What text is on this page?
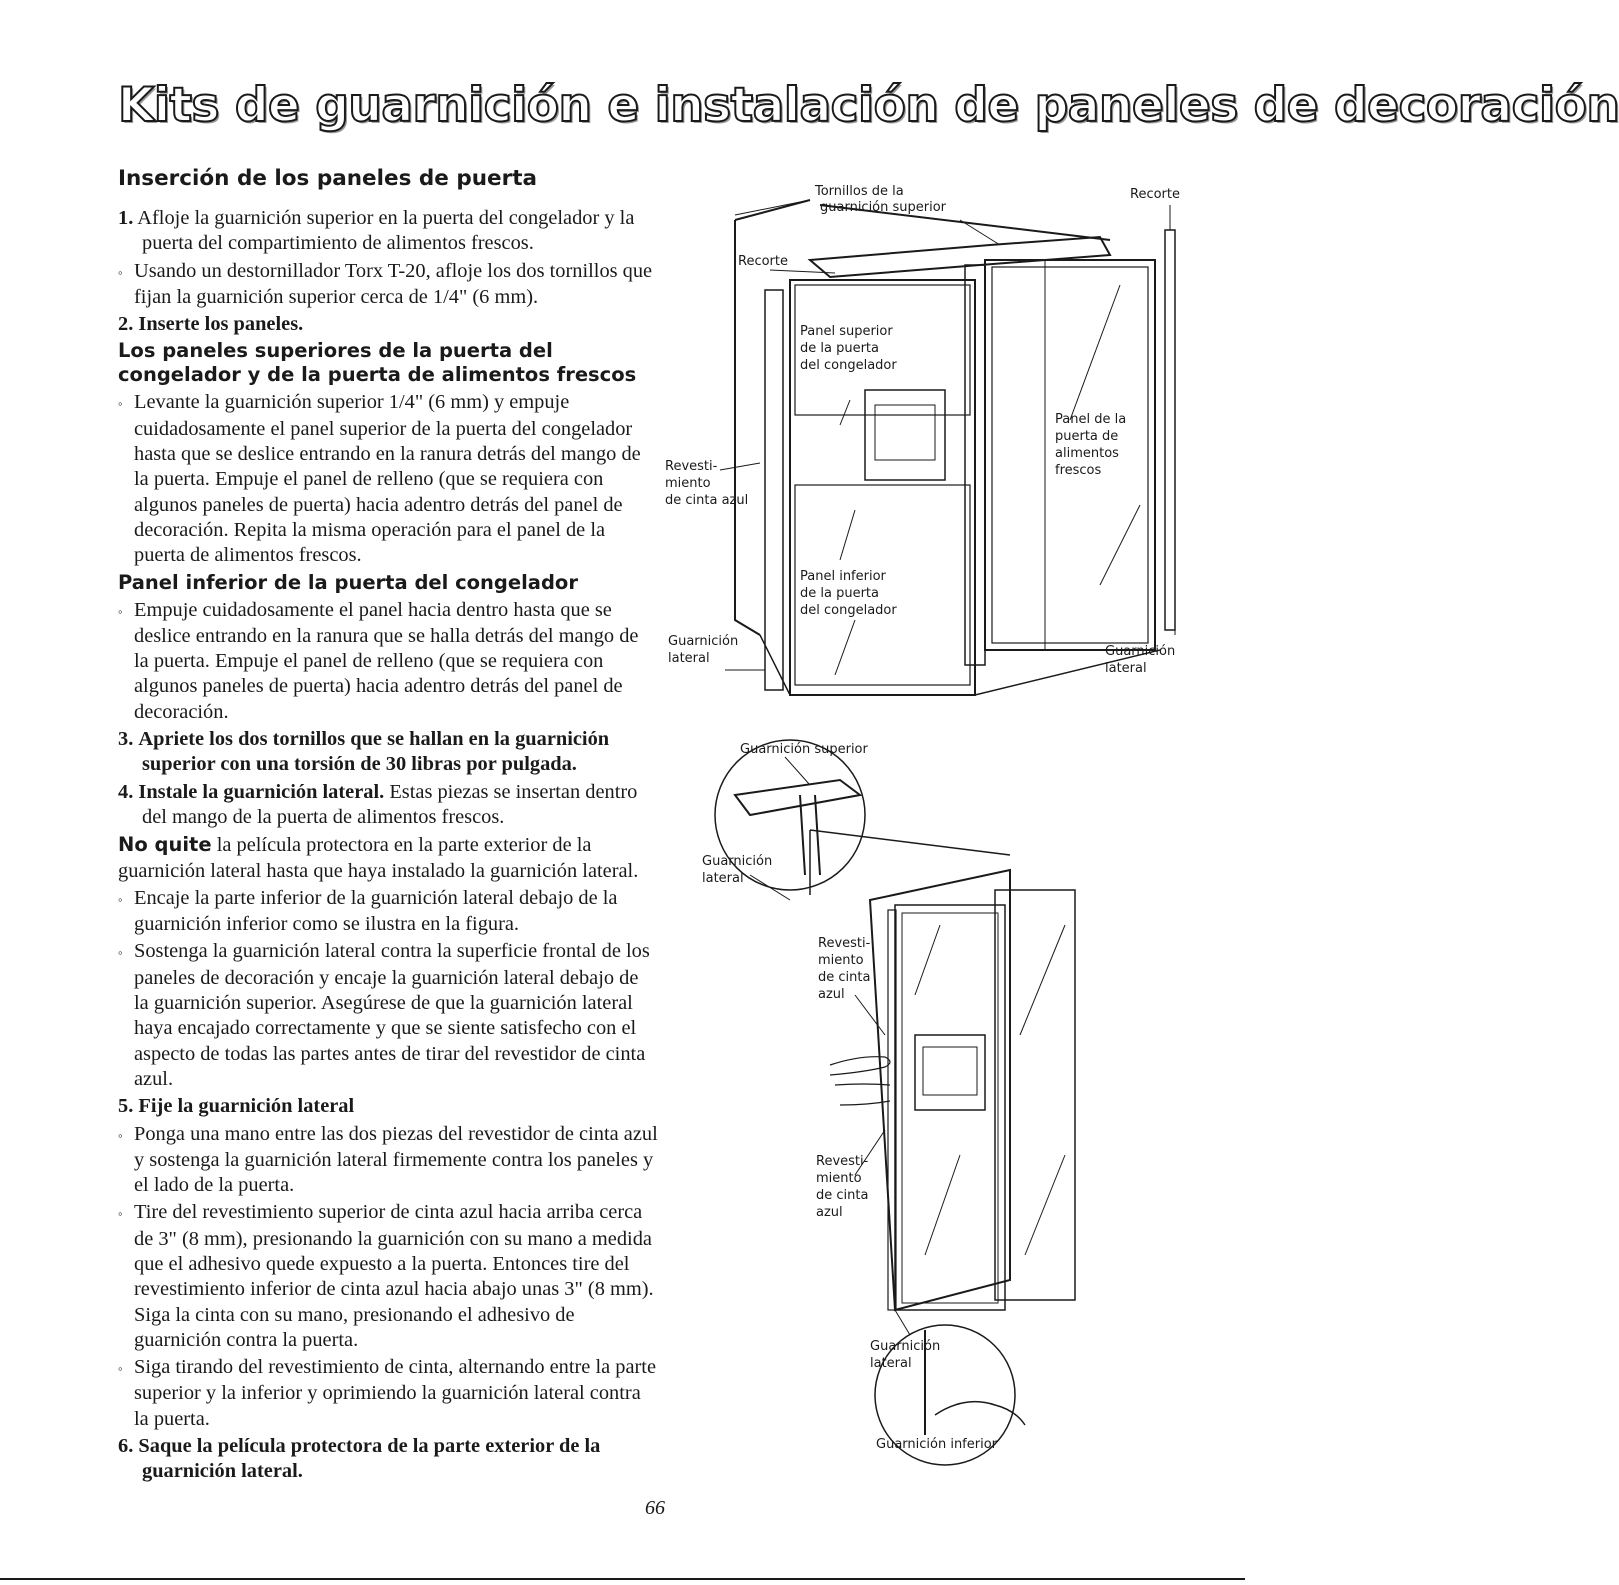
Kits de guarnición e instalación de paneles de decoración
Inserción de los paneles de puerta
1. Afloje la guarnición superior en la puerta del congelador y la puerta del compartimiento de alimentos frescos.
◦ Usando un destornillador Torx T-20, afloje los dos tornillos que fijan la guarnición superior cerca de 1/4" (6 mm).
2. Inserte los paneles.
Los paneles superiores de la puerta del congelador y de la puerta de alimentos frescos
◦ Levante la guarnición superior 1/4" (6 mm) y empuje cuidadosamente el panel superior de la puerta del congelador hasta que se deslice entrando en la ranura detrás del mango de la puerta. Empuje el panel de relleno (que se requiera con algunos paneles de puerta) hacia adentro detrás del panel de decoración. Repita la misma operación para el panel de la puerta de alimentos frescos.
Panel inferior de la puerta del congelador
◦ Empuje cuidadosamente el panel hacia dentro hasta que se deslice entrando en la ranura que se halla detrás del mango de la puerta. Empuje el panel de relleno (que se requiera con algunos paneles de puerta) hacia adentro detrás del panel de decoración.
3. Apriete los dos tornillos que se hallan en la guarnición superior con una torsión de 30 libras por pulgada.
4. Instale la guarnición lateral. Estas piezas se insertan dentro del mango de la puerta de alimentos frescos.
No quite la película protectora en la parte exterior de la guarnición lateral hasta que haya instalado la guarnición lateral.
◦ Encaje la parte inferior de la guarnición lateral debajo de la guarnición inferior como se ilustra en la figura.
◦ Sostenga la guarnición lateral contra la superficie frontal de los paneles de decoración y encaje la guarnición lateral debajo de la guarnición superior. Asegúrese de que la guarnición lateral haya encajado correctamente y que se siente satisfecho con el aspecto de todas las partes antes de tirar del revestidor de cinta azul.
5. Fije la guarnición lateral
◦ Ponga una mano entre las dos piezas del revestidor de cinta azul y sostenga la guarnición lateral firmemente contra los paneles y el lado de la puerta.
◦ Tire del revestimiento superior de cinta azul hacia arriba cerca de 3" (8 mm), presionando la guarnición con su mano a medida que el adhesivo quede expuesto a la puerta. Entonces tire del revestimiento inferior de cinta azul hacia abajo unas 3" (8 mm). Siga la cinta con su mano, presionando el adhesivo de guarnición contra la puerta.
◦ Siga tirando del revestimiento de cinta, alternando entre la parte superior y la inferior y oprimiendo la guarnición lateral contra la puerta.
6. Saque la película protectora de la parte exterior de la guarnición lateral.
66
Tornillos de la
guarnición superior
Recorte
Recorte
Panel superior
de la puerta
del congelador
Panel de la
puerta de
alimentos
frescos
Revesti-
miento
de cinta azul
Panel inferior
de la puerta
del congelador
Guarnición
lateral	Guarnición
lateral
Guarnición superior
Guarnición
lateral
Revesti-
miento
de cinta
azul
Revesti-
miento
de cinta
azul
Guarnición
lateral
Guarnición inferior
